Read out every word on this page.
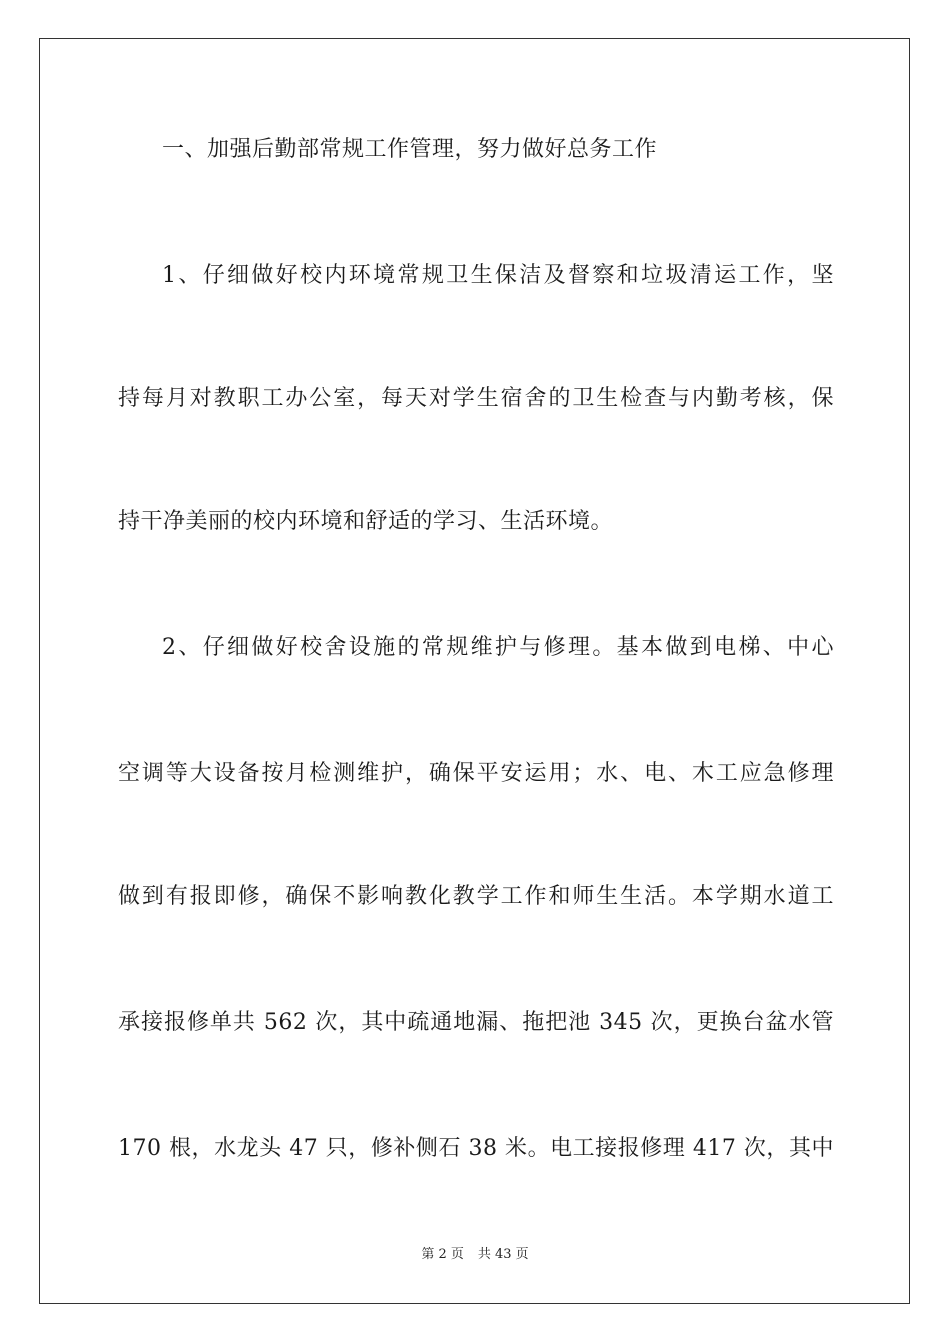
一、加强后勤部常规工作管理，努力做好总务工作
1、仔细做好校内环境常规卫生保洁及督察和垃圾清运工作，坚
持每月对教职工办公室，每天对学生宿舍的卫生检查与内勤考核，保
持干净美丽的校内环境和舒适的学习、生活环境。
2、仔细做好校舍设施的常规维护与修理。基本做到电梯、中心
空调等大设备按月检测维护，确保平安运用；水、电、木工应急修理
做到有报即修，确保不影响教化教学工作和师生生活。本学期水道工
承接报修单共 562 次，其中疏通地漏、拖把池 345 次，更换台盆水管
170 根，水龙头 47 只，修补侧石 38 米。电工接报修理 417 次，其中
第 2 页 共 43 页
